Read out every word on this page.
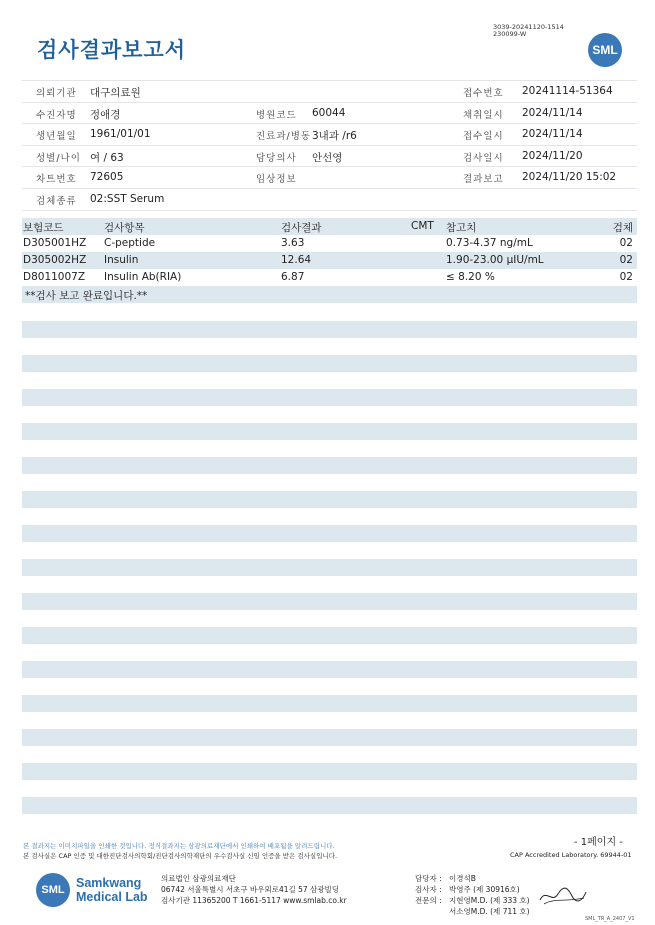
검사결과보고서
3039-20241120-1514
230099-W
SML
의뢰기관 대구의료원	접수번호 20241114-51364
수진자명 정애경	병원코드 60044	채취일시 2024/11/14
생년월일 1961/01/01	진료과/병동 3내과 /r6	접수일시 2024/11/14
성별/나이 여 / 63	담당의사 안선영	검사일시 2024/11/20
차트번호 72605	임상정보	결과보고 2024/11/20 15:02
검체종류 02:SST Serum
보험코드	검사항목	검사결과	CMT 참고치	검체
D305001HZ C-peptide	3.63	0.73-4.37 ng/mL	02
D305002HZ Insulin	12.64	1.90-23.00 µIU/mL	02
D8011007Z Insulin Ab(RIA)	6.87	≤ 8.20 %	02
**검사 보고 완료입니다.**
- 1페이지 -
본 결과지는 이미지파일을 인쇄한 것입니다. 정식결과지는 삼광의료재단에서 인쇄하여 배포됨을 알려드립니다.
본 검사실은 CAP 인증 및 대한진단검사의학회/진단검사의학재단의 우수검사실 신임 인증을 받은 검사실입니다.	CAP Accredited Laboratory. 69944-01
SML Samkwang
Medical Lab
의료법인 삼광의료재단
06742 서울특별시 서초구 바우뫼로41길 57 삼광빌딩
검사기관 11365200 T 1661-5117 www.smlab.co.kr
담당자 : 이경석B
검사자 : 박영주 (제 30916호)
전문의 : 지현영M.D. (제 333 호)
서소영M.D. (제 711 호)
SML_TR_A_2407_V1
